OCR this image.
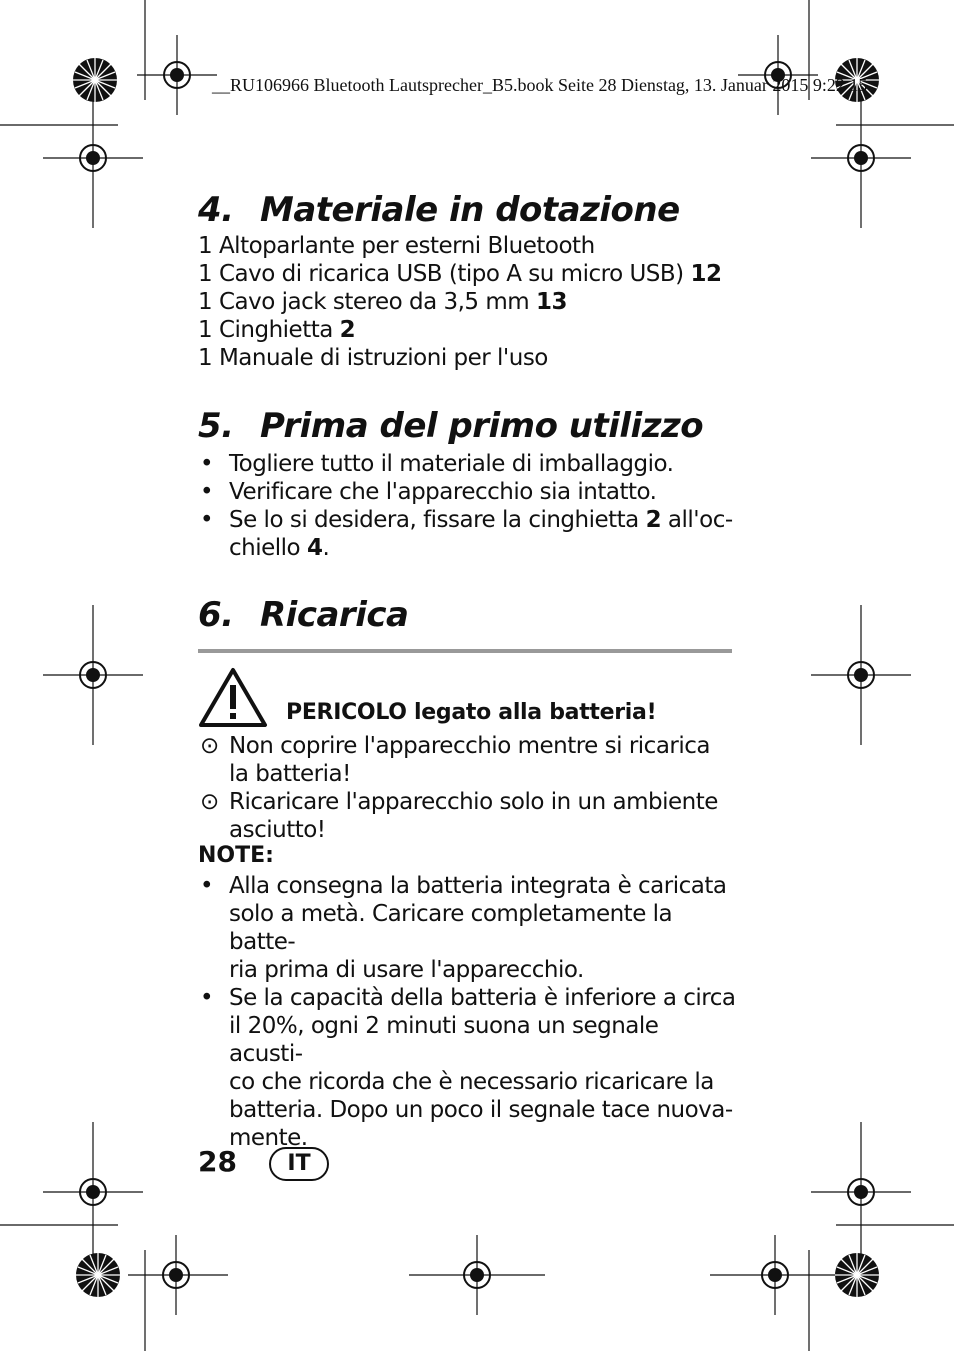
__RU106966 Bluetooth Lautsprecher_B5.book Seite 28 Dienstag, 13. Januar 2015 9:22 15
4. Materiale in dotazione
1 Altoparlante per esterni Bluetooth
1 Cavo di ricarica USB (tipo A su micro USB) 12
1 Cavo jack stereo da 3,5 mm 13
1 Cinghietta 2
1 Manuale di istruzioni per l'uso
5. Prima del primo utilizzo
• Togliere tutto il materiale di imballaggio.
• Verificare che l'apparecchio sia intatto.
• Se lo si desidera, fissare la cinghietta 2 all'oc-
chiello 4.
6. Ricarica
PERICOLO legato alla batteria!
⊙ Non coprire l'apparecchio mentre si ricarica
la batteria!
⊙ Ricaricare l'apparecchio solo in un ambiente
asciutto!
NOTE:
• Alla consegna la batteria integrata è caricata
solo a metà. Caricare completamente la batte-
ria prima di usare l'apparecchio.
• Se la capacità della batteria è inferiore a circa
il 20%, ogni 2 minuti suona un segnale acusti-
co che ricorda che è necessario ricaricare la
batteria. Dopo un poco il segnale tace nuova-
mente.
28	IT
